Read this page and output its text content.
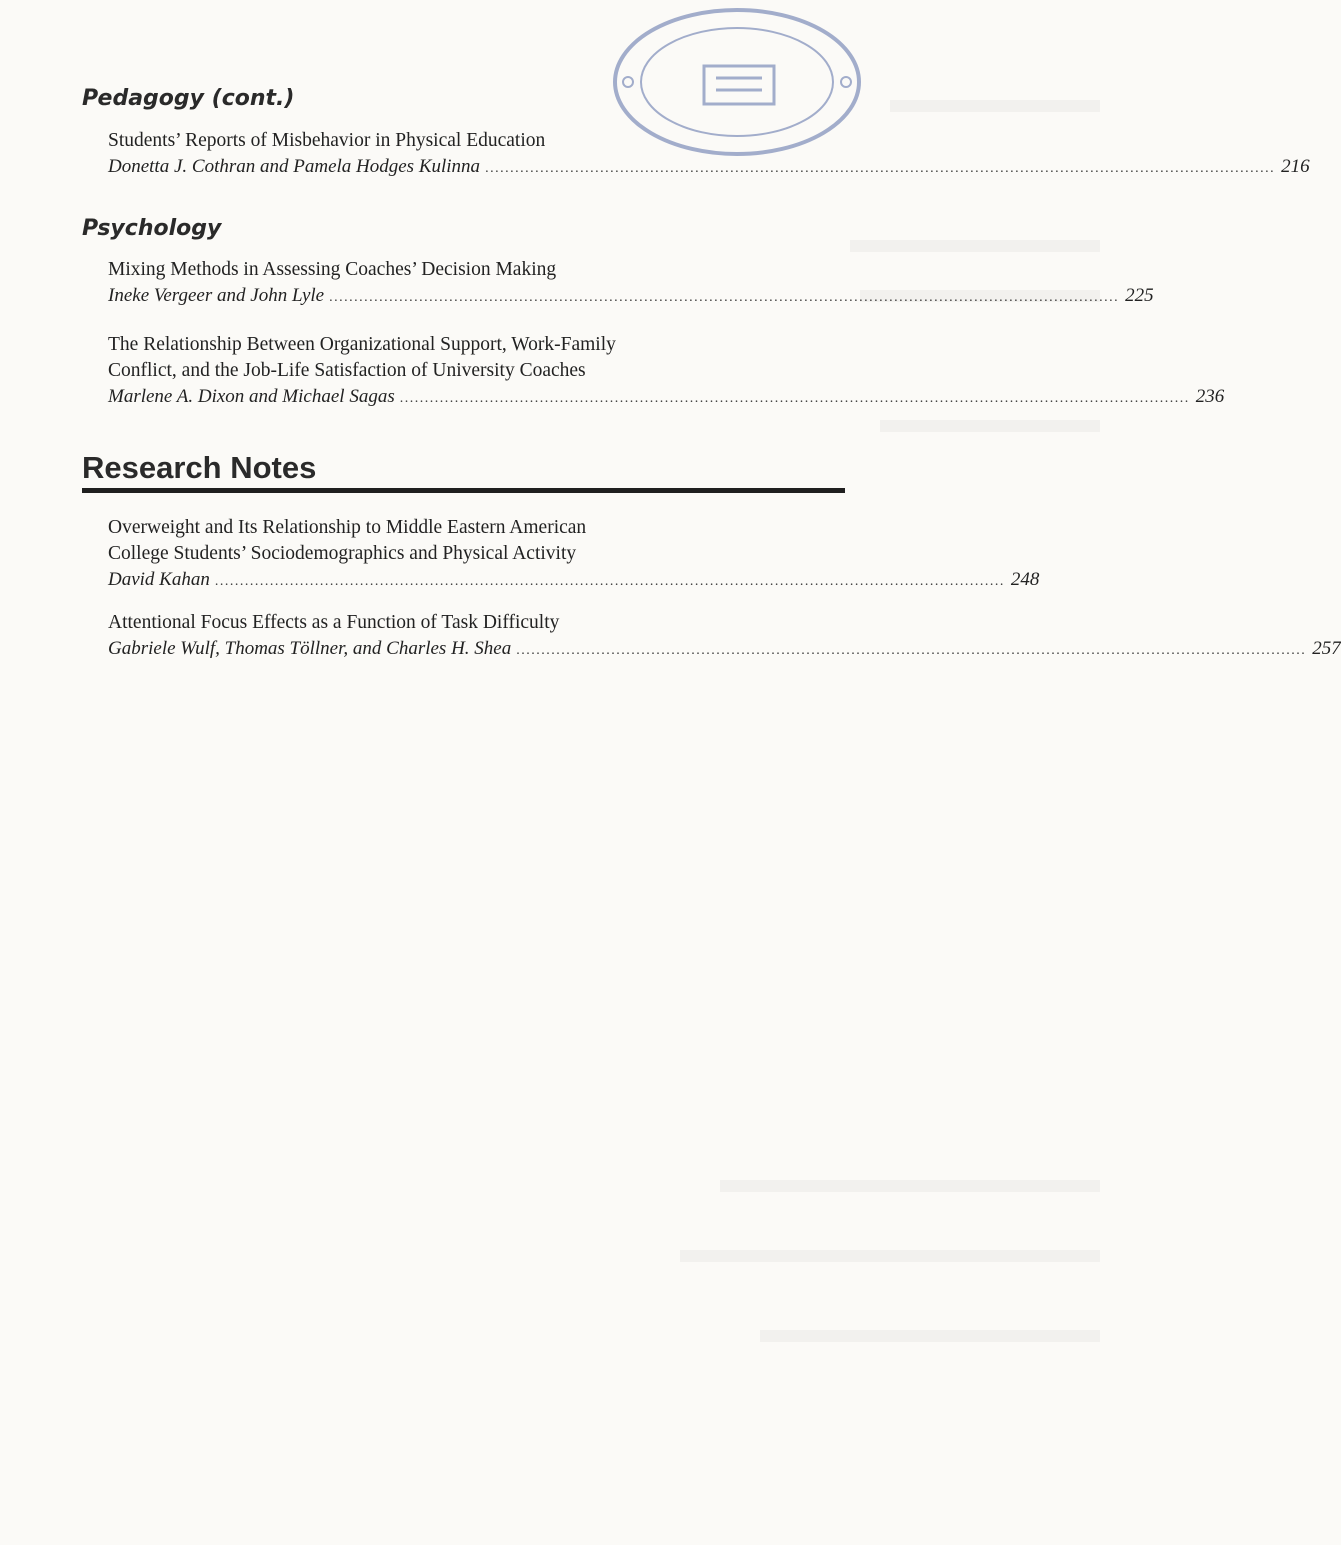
Pedagogy (cont.)
Students’ Reports of Misbehavior in Physical Education
Donetta J. Cothran and Pamela Hodges Kulinna .............................................................................................................................................................. 216
Psychology
Mixing Methods in Assessing Coaches’ Decision Making
Ineke Vergeer and John Lyle .............................................................................................................................................................. 225
The Relationship Between Organizational Support, Work-Family
Conflict, and the Job-Life Satisfaction of University Coaches
Marlene A. Dixon and Michael Sagas .............................................................................................................................................................. 236
Research Notes
Overweight and Its Relationship to Middle Eastern American
College Students’ Sociodemographics and Physical Activity
David Kahan .............................................................................................................................................................. 248
Attentional Focus Effects as a Function of Task Difficulty
Gabriele Wulf, Thomas Töllner, and Charles H. Shea .............................................................................................................................................................. 257
